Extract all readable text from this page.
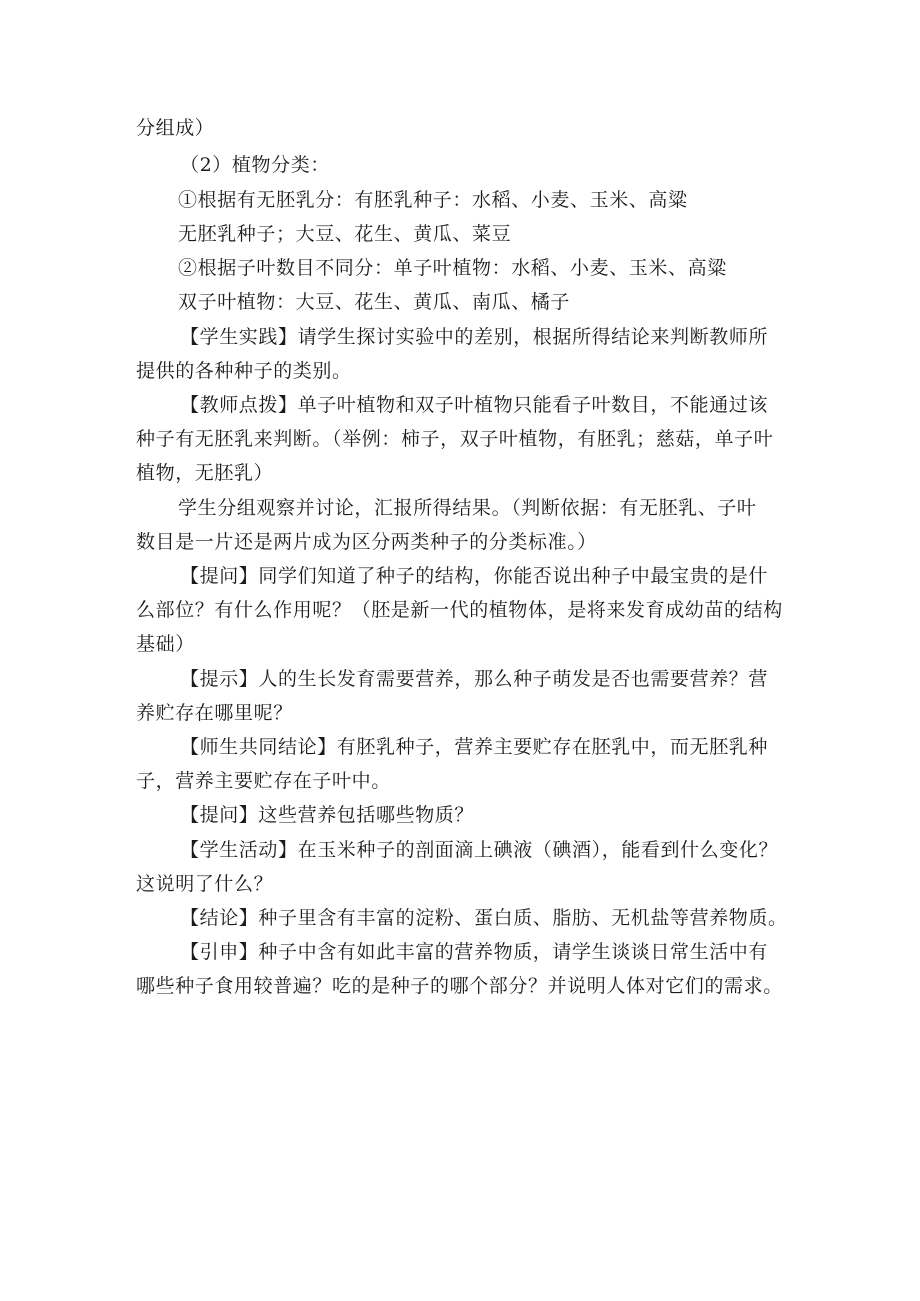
分组成）
（2）植物分类：
①根据有无胚乳分：有胚乳种子：水稻、小麦、玉米、高粱
无胚乳种子；大豆、花生、黄瓜、菜豆
②根据子叶数目不同分：单子叶植物：水稻、小麦、玉米、高粱
双子叶植物：大豆、花生、黄瓜、南瓜、橘子
【学生实践】请学生探讨实验中的差别，根据所得结论来判断教师所
提供的各种种子的类别。
【教师点拨】单子叶植物和双子叶植物只能看子叶数目，不能通过该
种子有无胚乳来判断。（举例：柿子，双子叶植物，有胚乳；慈菇，单子叶
植物，无胚乳）
学生分组观察并讨论，汇报所得结果。（判断依据：有无胚乳、子叶
数目是一片还是两片成为区分两类种子的分类标准。）
【提问】同学们知道了种子的结构，你能否说出种子中最宝贵的是什
么部位？有什么作用呢？（胚是新一代的植物体，是将来发育成幼苗的结构
基础）
【提示】人的生长发育需要营养，那么种子萌发是否也需要营养？营
养贮存在哪里呢？
【师生共同结论】有胚乳种子，营养主要贮存在胚乳中，而无胚乳种
子，营养主要贮存在子叶中。
【提问】这些营养包括哪些物质？
【学生活动】在玉米种子的剖面滴上碘液（碘酒），能看到什么变化？
这说明了什么？
【结论】种子里含有丰富的淀粉、蛋白质、脂肪、无机盐等营养物质。
【引申】种子中含有如此丰富的营养物质，请学生谈谈日常生活中有
哪些种子食用较普遍？吃的是种子的哪个部分？并说明人体对它们的需求。
